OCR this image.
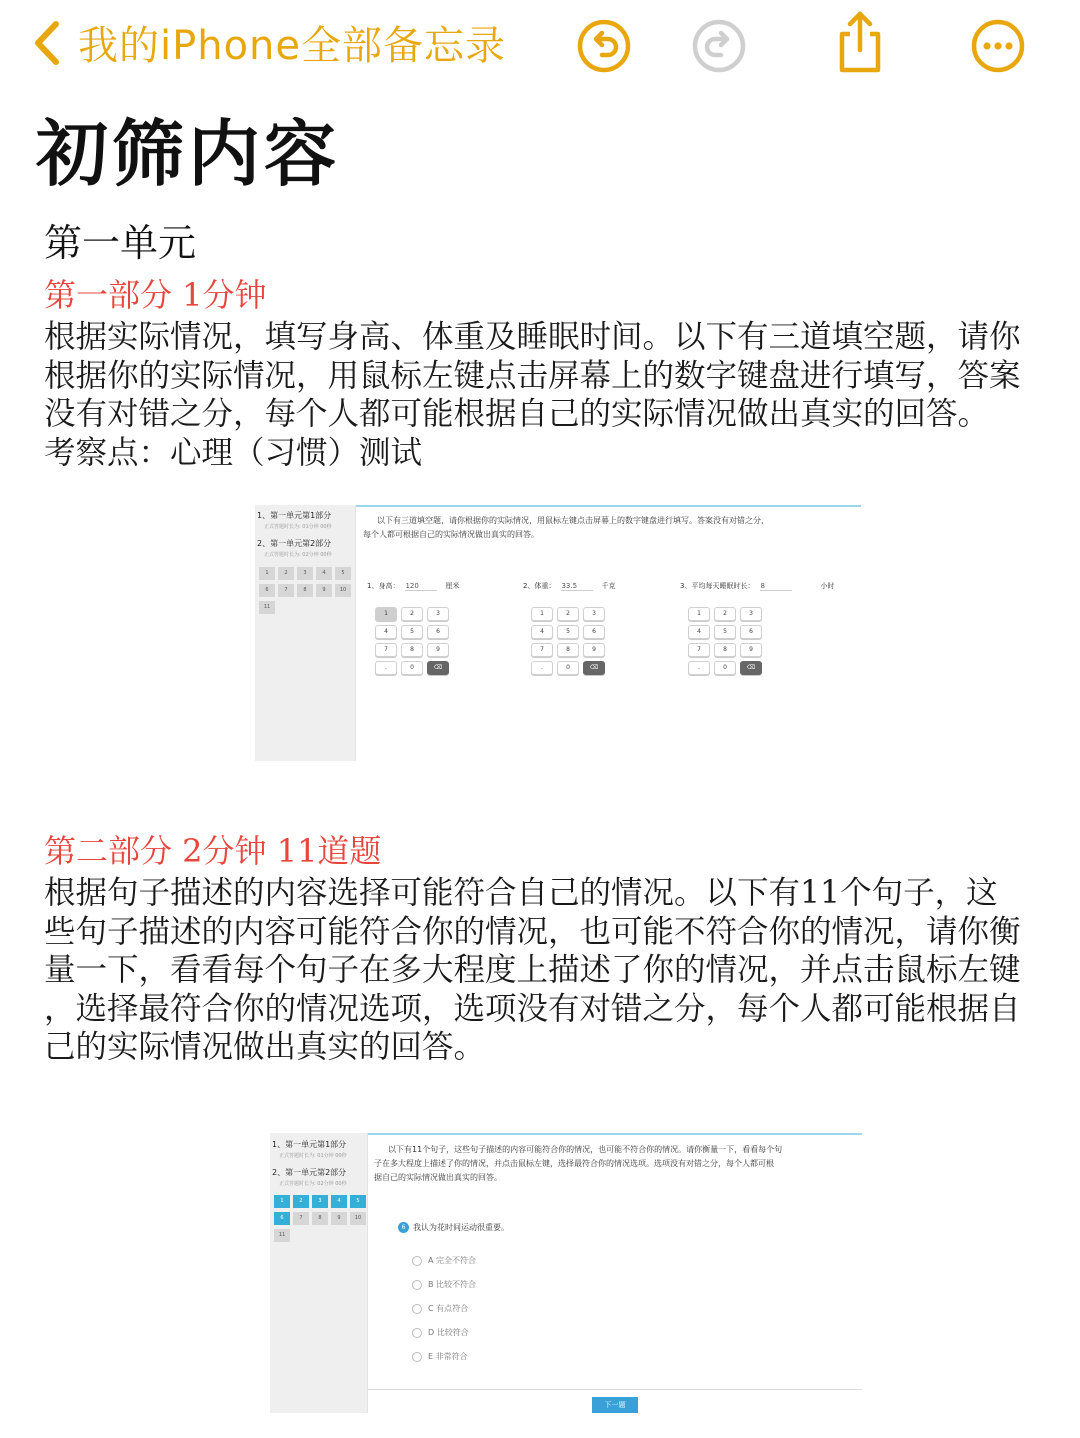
我的iPhone全部备忘录
初筛内容
第一单元
第一部分 1分钟
根据实际情况，填写身高、体重及睡眠时间。以下有三道填空题，请你
根据你的实际情况，用鼠标左键点击屏幕上的数字键盘进行填写，答案
没有对错之分，每个人都可能根据自己的实际情况做出真实的回答。
考察点：心理（习惯）测试
1、第一单元第1部分
正式答题时长为: 01分钟 00秒
2、第一单元第2部分
正式答题时长为: 02分钟 00秒
1	2	3	4	5
6	7	8	9	10
11
以下有三道填空题，请你根据你的实际情况，用鼠标左键点击屏幕上的数字键盘进行填写。答案没有对错之分，
每个人都可根据自己的实际情况做出真实的回答。
1、身高： 120	厘米	2、体重： 33.5	千克	3、平均每天睡眠时长： 8	小时
1	2	3
4	5	6
7	8	9
.	0	⌫
1	2	3
4	5	6
7	8	9
.	0	⌫
1	2	3
4	5	6
7	8	9
.	0	⌫
第二部分 2分钟 11道题
根据句子描述的内容选择可能符合自己的情况。以下有11个句子，这
些句子描述的内容可能符合你的情况，也可能不符合你的情况，请你衡
量一下，看看每个句子在多大程度上描述了你的情况，并点击鼠标左键
，选择最符合你的情况选项，选项没有对错之分，每个人都可能根据自
己的实际情况做出真实的回答。
1、第一单元第1部分
正式答题时长为: 01分钟 00秒
2、第一单元第2部分
正式答题时长为: 02分钟 00秒
1	2	3	4	5
6	7	8	9	10
11
以下有11个句子，这些句子描述的内容可能符合你的情况，也可能不符合你的情况。请你衡量一下，看看每个句
子在多大程度上描述了你的情况，并点击鼠标左键，选择最符合你的情况选项。选项没有对错之分，每个人都可根
据自己的实际情况做出真实的回答。
6 我认为花时间运动很重要。
A 完全不符合
B 比较不符合
C 有点符合
D 比较符合
E 非常符合
下一题
